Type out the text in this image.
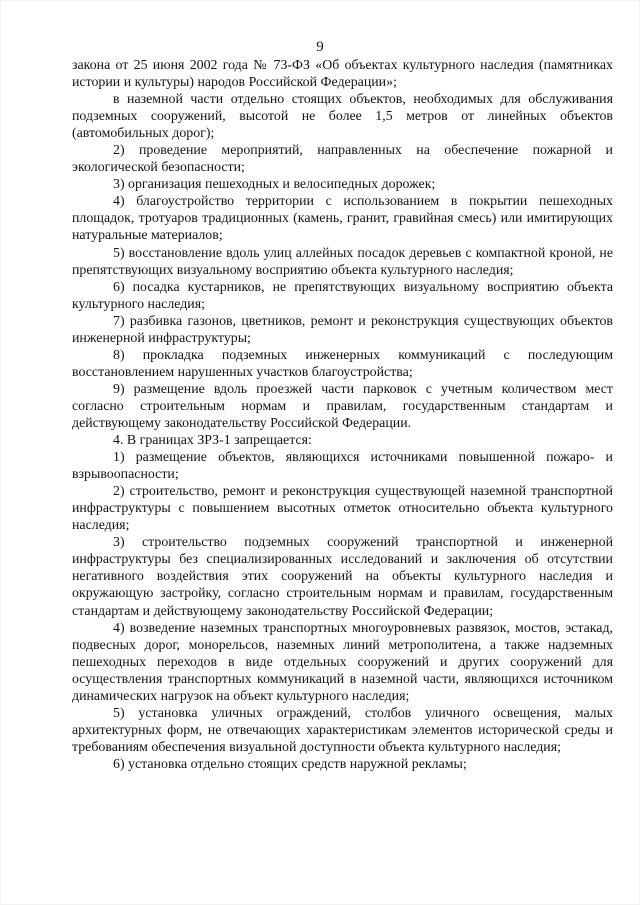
9

закона от 25 июня 2002 года № 73-ФЗ «Об объектах культурного наследия (памятниках истории и культуры) народов Российской Федерации»;

в наземной части отдельно стоящих объектов, необходимых для обслуживания подземных сооружений, высотой не более 1,5 метров от линейных объектов (автомобильных дорог);

2) проведение мероприятий, направленных на обеспечение пожарной и экологической безопасности;

3) организация пешеходных и велосипедных дорожек;

4) благоустройство территории с использованием в покрытии пешеходных площадок, тротуаров традиционных (камень, гранит, гравийная смесь) или имитирующих натуральные материалов;

5) восстановление вдоль улиц аллейных посадок деревьев с компактной кроной, не препятствующих визуальному восприятию объекта культурного наследия;

6) посадка кустарников, не препятствующих визуальному восприятию объекта культурного наследия;

7) разбивка газонов, цветников, ремонт и реконструкция существующих объектов инженерной инфраструктуры;

8) прокладка подземных инженерных коммуникаций с последующим восстановлением нарушенных участков благоустройства;

9) размещение вдоль проезжей части парковок с учетным количеством мест согласно строительным нормам и правилам, государственным стандартам и действующему законодательству Российской Федерации.

4. В границах ЗРЗ-1 запрещается:

1) размещение объектов, являющихся источниками повышенной пожаро- и взрывоопасности;

2) строительство, ремонт и реконструкция существующей наземной транспортной инфраструктуры с повышением высотных отметок относительно объекта культурного наследия;

3) строительство подземных сооружений транспортной и инженерной инфраструктуры без специализированных исследований и заключения об отсутствии негативного воздействия этих сооружений на объекты культурного наследия и окружающую застройку, согласно строительным нормам и правилам, государственным стандартам и действующему законодательству Российской Федерации;

4) возведение наземных транспортных многоуровневых развязок, мостов, эстакад, подвесных дорог, монорельсов, наземных линий метрополитена, а также надземных пешеходных переходов в виде отдельных сооружений и других сооружений для осуществления транспортных коммуникаций в наземной части, являющихся источником динамических нагрузок на объект культурного наследия;

5) установка уличных ограждений, столбов уличного освещения, малых архитектурных форм, не отвечающих характеристикам элементов исторической среды и требованиям обеспечения визуальной доступности объекта культурного наследия;

6) установка отдельно стоящих средств наружной рекламы;
